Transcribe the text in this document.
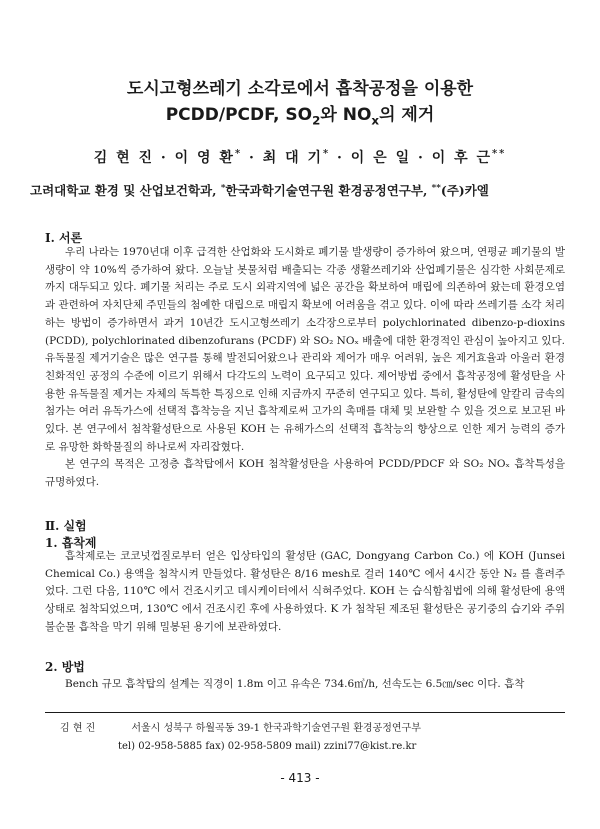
도시고형쓰레기 소각로에서 흡착공정을 이용한
PCDD/PCDF, $SO_2$와 $NO_x$의 제거
김 현 진 · 이 영 환* · 최 대 기* · 이 은 일 · 이 후 근**
고려대학교 환경 및 산업보건학과, *한국과학기술연구원 환경공정연구부, **(주)카엘
Ⅰ. 서론

우리 나라는 1970년대 이후 급격한 산업화와 도시화로 폐기물 발생량이 증가하여 왔으며, 연평균 폐기물의 발생량이 약 10%씩 증가하여 왔다. 오늘날 봇물처럼 배출되는 각종 생활쓰레기와 산업폐기물은 심각한 사회문제로까지 대두되고 있다. 폐기물 처리는 주로 도시 외곽지역에 넓은 공간을 확보하여 매립에 의존하여 왔는데 환경오염과 관련하여 자치단체 주민들의 첨예한 대립으로 매립지 확보에 어려움을 겪고 있다. 이에 따라 쓰레기를 소각 처리하는 방법이 증가하면서 과거 10년간 도시고형쓰레기 소각장으로부터 polychlorinated dibenzo-p-dioxins (PCDD), polychlorinated dibenzofurans (PCDF) 와 SO₂ NOₓ 배출에 대한 환경적인 관심이 높아지고 있다. 유독물질 제거기술은 많은 연구를 통해 발전되어왔으나 관리와 제어가 매우 어려워, 높은 제거효율과 아울러 환경친화적인 공정의 수준에 이르기 위해서 다각도의 노력이 요구되고 있다. 제어방법 중에서 흡착공정에 활성탄을 사용한 유독물질 제거는 자체의 독특한 특징으로 인해 지금까지 꾸준히 연구되고 있다. 특히, 활성탄에 알칼리 금속의 첨가는 여러 유독가스에 선택적 흡착능을 지닌 흡착제로써 고가의 촉매를 대체 및 보완할 수 있을 것으로 보고된 바 있다. 본 연구에서 첨착활성탄으로 사용된 KOH 는 유해가스의 선택적 흡착능의 향상으로 인한 제거 능력의 증가로 유망한 화학물질의 하나로써 자리잡혔다.

본 연구의 목적은 고정층 흡착탑에서 KOH 첨착활성탄을 사용하여 PCDD/PDCF 와 SO₂ NOₓ 흡착특성을 규명하였다.

Ⅱ. 실험
1. 흡착제

흡착제로는 코코넛껍질로부터 얻은 입상타입의 활성탄 (GAC, Dongyang Carbon Co.) 에 KOH (Junsei Chemical Co.) 용액을 첨착시켜 만들었다. 활성탄은 8/16 mesh로 걸러 140℃ 에서 4시간 동안 N₂ 를 흘려주었다. 그런 다음, 110℃ 에서 건조시키고 데시케이터에서 식혀주었다. KOH 는 습식함침법에 의해 활성탄에 용액상태로 첨착되었으며, 130℃ 에서 건조시킨 후에 사용하였다. K 가 첨착된 제조된 활성탄은 공기중의 습기와 주위 불순물 흡착을 막기 위해 밀봉된 용기에 보관하였다.

2. 방법

Bench 규모 흡착탑의 설계는 직경이 1.8m 이고 유속은 734.6㎥/h, 선속도는 6.5㎝/sec 이다. 흡착

김 현 진	서울시 성북구 하월곡동 39-1 한국과학기술연구원 환경공정연구부
tel) 02-958-5885 fax) 02-958-5809 mail) zzini77@kist.re.kr
- 413 -
